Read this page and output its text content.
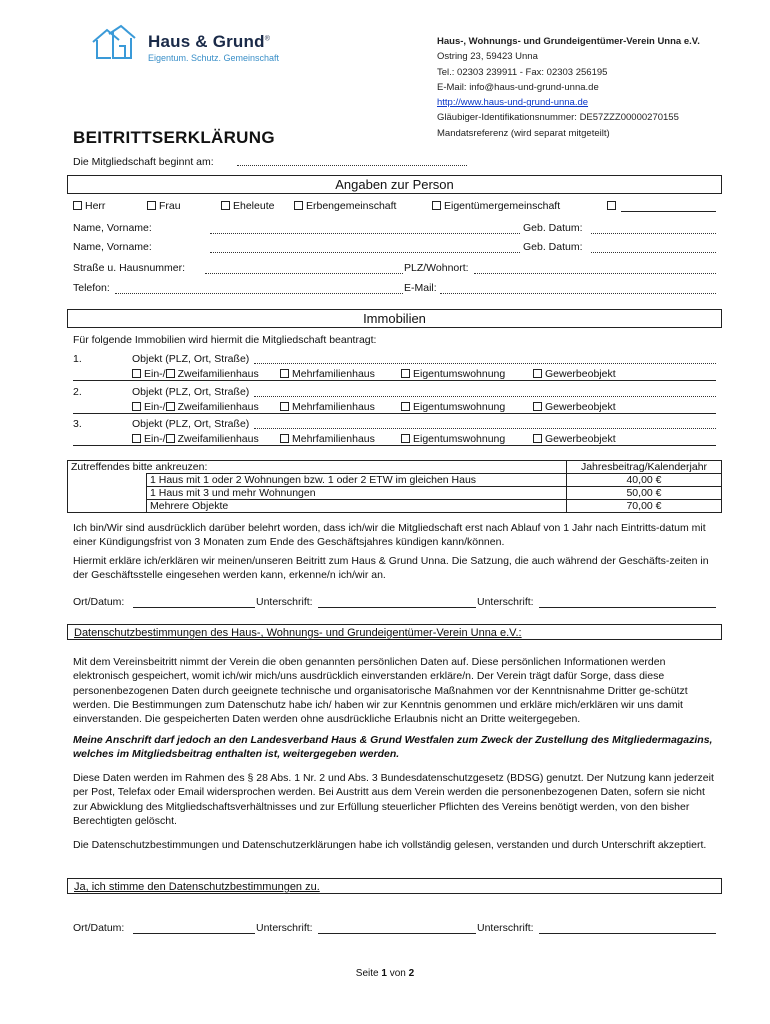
Haus & Grund®
Eigentum. Schutz. Gemeinschaft
Haus-, Wohnungs- und Grundeigentümer-Verein Unna e.V.
Ostring 23, 59423 Unna
Tel.: 02303 239911 - Fax: 02303 256195
E-Mail: info@haus-und-grund-unna.de
http://www.haus-und-grund-unna.de
Gläubiger-Identifikationsnummer: DE57ZZZ00000270155
Mandatsreferenz (wird separat mitgeteilt)
BEITRITTSERKLÄRUNG
Die Mitgliedschaft beginnt am:
Angaben zur Person
Herr	Frau	Eheleute	Erbengemeinschaft	Eigentümergemeinschaft
Name, Vorname:	Geb. Datum:
Name, Vorname:	Geb. Datum:
Straße u. Hausnummer:	PLZ/Wohnort:
Telefon:	E-Mail:
Immobilien
Für folgende Immobilien wird hiermit die Mitgliedschaft beantragt:
1.	Objekt (PLZ, Ort, Straße)
Ein-/ Zweifamilienhaus	Mehrfamilienhaus	Eigentumswohnung	Gewerbeobjekt
2.	Objekt (PLZ, Ort, Straße)
Ein-/ Zweifamilienhaus	Mehrfamilienhaus	Eigentumswohnung	Gewerbeobjekt
3.	Objekt (PLZ, Ort, Straße)
Ein-/ Zweifamilienhaus	Mehrfamilienhaus	Eigentumswohnung	Gewerbeobjekt
Zutreffendes bitte ankreuzen:		Jahresbeitrag/Kalenderjahr
	1 Haus mit 1 oder 2 Wohnungen bzw. 1 oder 2 ETW im gleichen Haus	40,00 €
	1 Haus mit 3 und mehr Wohnungen	50,00 €
	Mehrere Objekte	70,00 €
Ich bin/Wir sind ausdrücklich darüber belehrt worden, dass ich/wir die Mitgliedschaft erst nach Ablauf von 1 Jahr nach Eintritts-datum mit einer Kündigungsfrist von 3 Monaten zum Ende des Geschäftsjahres kündigen kann/können.
Hiermit erkläre ich/erklären wir meinen/unseren Beitritt zum Haus & Grund Unna. Die Satzung, die auch während der Geschäfts-zeiten in der Geschäftsstelle eingesehen werden kann, erkenne/n ich/wir an.
Ort/Datum:	Unterschrift:	Unterschrift:
Datenschutzbestimmungen des Haus-, Wohnungs- und Grundeigentümer-Verein Unna e.V.:
Mit dem Vereinsbeitritt nimmt der Verein die oben genannten persönlichen Daten auf. Diese persönlichen Informationen werden elektronisch gespeichert, womit ich/wir mich/uns ausdrücklich einverstanden erkläre/n. Der Verein trägt dafür Sorge, dass diese personenbezogenen Daten durch geeignete technische und organisatorische Maßnahmen vor der Kenntnisnahme Dritter ge-schützt werden. Die Bestimmungen zum Datenschutz habe ich/ haben wir zur Kenntnis genommen und erkläre mich/erklären wir uns damit einverstanden. Die gespeicherten Daten werden ohne ausdrückliche Erlaubnis nicht an Dritte weitergegeben.
Meine Anschrift darf jedoch an den Landesverband Haus & Grund Westfalen zum Zweck der Zustellung des Mitgliedermagazins, welches im Mitgliedsbeitrag enthalten ist, weitergegeben werden.
Diese Daten werden im Rahmen des § 28 Abs. 1 Nr. 2 und Abs. 3 Bundesdatenschutzgesetz (BDSG) genutzt. Der Nutzung kann jederzeit per Post, Telefax oder Email widersprochen werden. Bei Austritt aus dem Verein werden die personenbezogenen Daten, sofern sie nicht zur Abwicklung des Mitgliedschaftsverhältnisses und zur Erfüllung steuerlicher Pflichten des Vereins benötigt werden, von den bisher Berechtigten gelöscht.
Die Datenschutzbestimmungen und Datenschutzerklärungen habe ich vollständig gelesen, verstanden und durch Unterschrift akzeptiert.
Ja, ich stimme den Datenschutzbestimmungen zu.
Ort/Datum:	Unterschrift:	Unterschrift:
Seite 1 von 2
